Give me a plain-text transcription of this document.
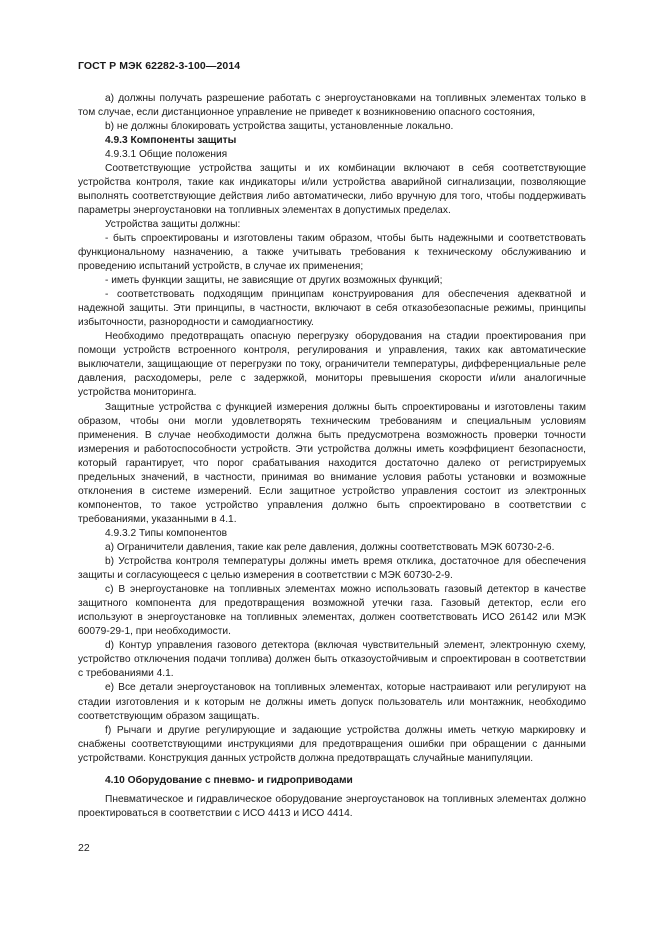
ГОСТ Р МЭК 62282-3-100—2014

а) должны получать разрешение работать с энергоустановками на топливных элементах только в том случае, если дистанционное управление не приведет к возникновению опасного состояния,

b) не должны блокировать устройства защиты, установленные локально.

4.9.3 Компоненты защиты

4.9.3.1 Общие положения

Соответствующие устройства защиты и их комбинации включают в себя соответствующие устройства контроля, такие как индикаторы и/или устройства аварийной сигнализации, позволяющие выполнять соответствующие действия либо автоматически, либо вручную для того, чтобы поддерживать параметры энергоустановки на топливных элементах в допустимых пределах.

Устройства защиты должны:

- быть спроектированы и изготовлены таким образом, чтобы быть надежными и соответствовать функциональному назначению, а также учитывать требования к техническому обслуживанию и проведению испытаний устройств, в случае их применения;

- иметь функции защиты, не зависящие от других возможных функций;

- соответствовать подходящим принципам конструирования для обеспечения адекватной и надежной защиты. Эти принципы, в частности, включают в себя отказобезопасные режимы, принципы избыточности, разнородности и самодиагностику.

Необходимо предотвращать опасную перегрузку оборудования на стадии проектирования при помощи устройств встроенного контроля, регулирования и управления, таких как автоматические выключатели, защищающие от перегрузки по току, ограничители температуры, дифференциальные реле давления, расходомеры, реле с задержкой, мониторы превышения скорости и/или аналогичные устройства мониторинга.

Защитные устройства с функцией измерения должны быть спроектированы и изготовлены таким образом, чтобы они могли удовлетворять техническим требованиям и специальным условиям применения. В случае необходимости должна быть предусмотрена возможность проверки точности измерения и работоспособности устройств. Эти устройства должны иметь коэффициент безопасности, который гарантирует, что порог срабатывания находится достаточно далеко от регистрируемых предельных значений, в частности, принимая во внимание условия работы установки и возможные отклонения в системе измерений. Если защитное устройство управления состоит из электронных компонентов, то такое устройство управления должно быть спроектировано в соответствии с требованиями, указанными в 4.1.

4.9.3.2 Типы компонентов

а) Ограничители давления, такие как реле давления, должны соответствовать МЭК 60730-2-6.

b) Устройства контроля температуры должны иметь время отклика, достаточное для обеспечения защиты и согласующееся с целью измерения в соответствии с МЭК 60730-2-9.

c) В энергоустановке на топливных элементах можно использовать газовый детектор в качестве защитного компонента для предотвращения возможной утечки газа. Газовый детектор, если его используют в энергоустановке на топливных элементах, должен соответствовать ИСО 26142 или МЭК 60079-29-1, при необходимости.

d) Контур управления газового детектора (включая чувствительный элемент, электронную схему, устройство отключения подачи топлива) должен быть отказоустойчивым и спроектирован в соответствии с требованиями 4.1.

e) Все детали энергоустановок на топливных элементах, которые настраивают или регулируют на стадии изготовления и к которым не должны иметь допуск пользователь или монтажник, необходимо соответствующим образом защищать.

f) Рычаги и другие регулирующие и задающие устройства должны иметь четкую маркировку и снабжены соответствующими инструкциями для предотвращения ошибки при обращении с данными устройствами. Конструкция данных устройств должна предотвращать случайные манипуляции.

4.10 Оборудование с пневмо- и гидроприводами

Пневматическое и гидравлическое оборудование энергоустановок на топливных элементах должно проектироваться в соответствии с ИСО 4413 и ИСО 4414.

22
